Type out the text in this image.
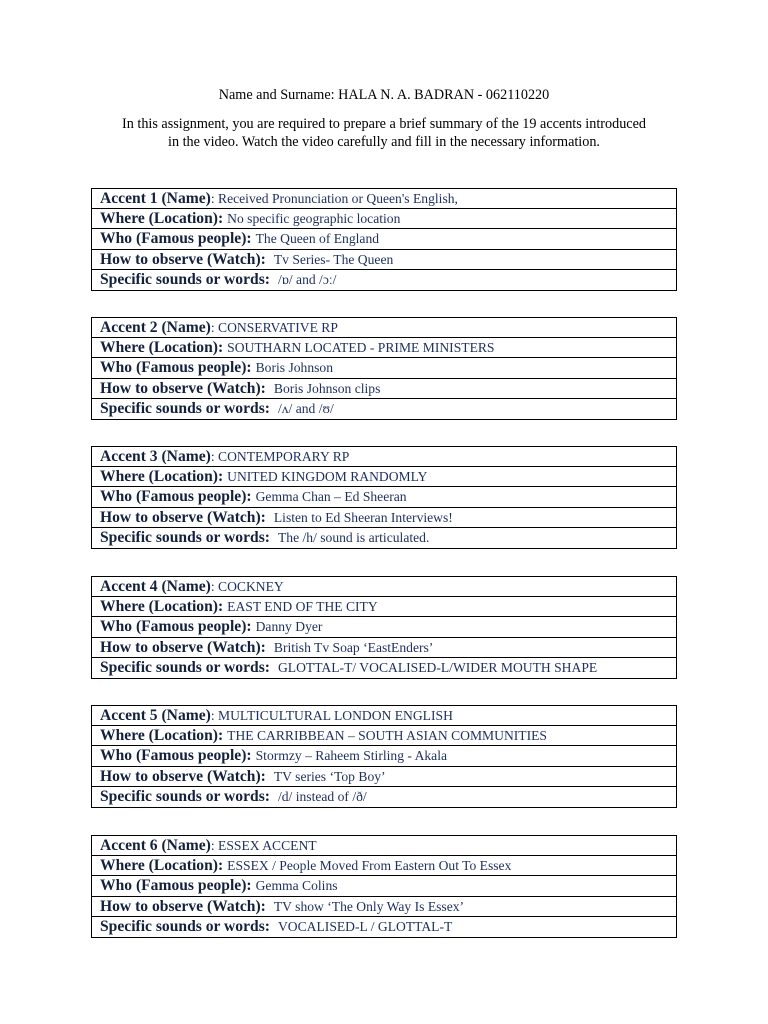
Name and Surname: HALA N. A. BADRAN - 062110220
In this assignment, you are required to prepare a brief summary of the 19 accents introduced
in the video. Watch the video carefully and fill in the necessary information.
Accent 1 (Name): Received Pronunciation or Queen's English,
Where (Location): No specific geographic location
Who (Famous people): The Queen of England
How to observe (Watch): Tv Series- The Queen
Specific sounds or words: /ɒ/ and /ɔː/
Accent 2 (Name): CONSERVATIVE RP
Where (Location): SOUTHARN LOCATED - PRIME MINISTERS
Who (Famous people): Boris Johnson
How to observe (Watch): Boris Johnson clips
Specific sounds or words: /ʌ/ and /ʊ/
Accent 3 (Name): CONTEMPORARY RP
Where (Location): UNITED KINGDOM RANDOMLY
Who (Famous people): Gemma Chan – Ed Sheeran
How to observe (Watch): Listen to Ed Sheeran Interviews!
Specific sounds or words: The /h/ sound is articulated.
Accent 4 (Name): COCKNEY
Where (Location): EAST END OF THE CITY
Who (Famous people): Danny Dyer
How to observe (Watch): British Tv Soap ‘EastEnders’
Specific sounds or words: GLOTTAL-T/ VOCALISED-L/WIDER MOUTH SHAPE
Accent 5 (Name): MULTICULTURAL LONDON ENGLISH
Where (Location): THE CARRIBBEAN – SOUTH ASIAN COMMUNITIES
Who (Famous people): Stormzy – Raheem Stirling - Akala
How to observe (Watch): TV series ‘Top Boy’
Specific sounds or words: /d/ instead of /ð/
Accent 6 (Name): ESSEX ACCENT
Where (Location): ESSEX / People Moved From Eastern Out To Essex
Who (Famous people): Gemma Colins
How to observe (Watch): TV show ‘The Only Way Is Essex’
Specific sounds or words: VOCALISED-L / GLOTTAL-T
